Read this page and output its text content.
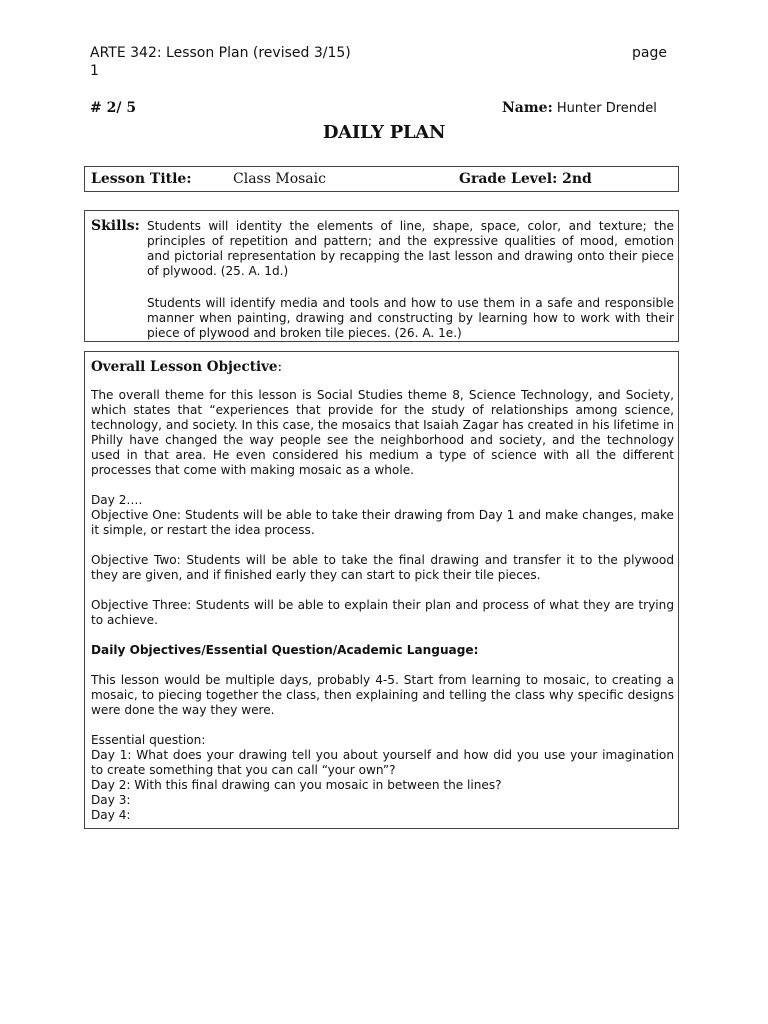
ARTE 342: Lesson Plan (revised 3/15)	page
1
# 2/ 5	Name: Hunter Drendel
DAILY PLAN
Lesson Title:	Class Mosaic	Grade Level: 2nd
Skills: Students will identity the elements of line, shape, space, color, and texture; the principles of repetition and pattern; and the expressive qualities of mood, emotion and pictorial representation by recapping the last lesson and drawing onto their piece of plywood. (25. A. 1d.)

Students will identify media and tools and how to use them in a safe and responsible manner when painting, drawing and constructing by learning how to work with their piece of plywood and broken tile pieces. (26. A. 1e.)

Overall Lesson Objective:

The overall theme for this lesson is Social Studies theme 8, Science Technology, and Society, which states that “experiences that provide for the study of relationships among science, technology, and society. In this case, the mosaics that Isaiah Zagar has created in his lifetime in Philly have changed the way people see the neighborhood and society, and the technology used in that area. He even considered his medium a type of science with all the different processes that come with making mosaic as a whole.

Day 2….

Objective One: Students will be able to take their drawing from Day 1 and make changes, make it simple, or restart the idea process.

Objective Two: Students will be able to take the final drawing and transfer it to the plywood they are given, and if finished early they can start to pick their tile pieces.

Objective Three: Students will be able to explain their plan and process of what they are trying to achieve.

Daily Objectives/Essential Question/Academic Language:

This lesson would be multiple days, probably 4-5. Start from learning to mosaic, to creating a mosaic, to piecing together the class, then explaining and telling the class why specific designs were done the way they were.

Essential question:

Day 1: What does your drawing tell you about yourself and how did you use your imagination to create something that you can call “your own”?

Day 2: With this final drawing can you mosaic in between the lines?

Day 3:

Day 4:
